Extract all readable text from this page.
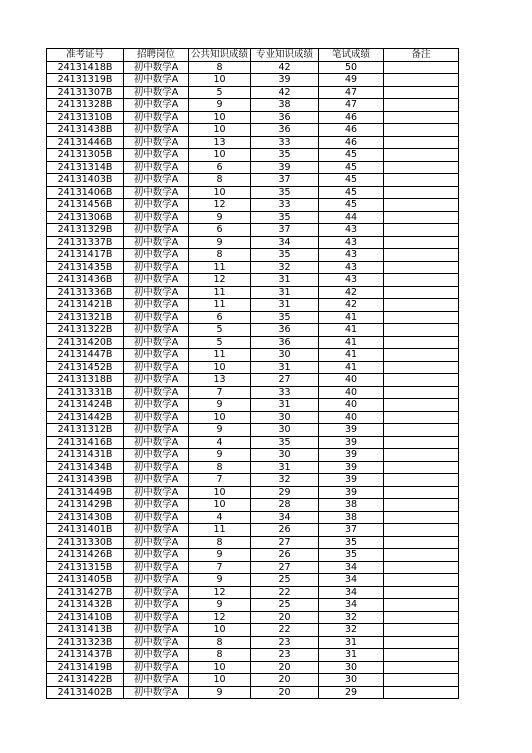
准考证号	招聘岗位	公共知识成绩	专业知识成绩	笔试成绩	备注
24131418B	初中数学A	8	42	50	
24131319B	初中数学A	10	39	49	
24131307B	初中数学A	5	42	47	
24131328B	初中数学A	9	38	47	
24131310B	初中数学A	10	36	46	
24131438B	初中数学A	10	36	46	
24131446B	初中数学A	13	33	46	
24131305B	初中数学A	10	35	45	
24131314B	初中数学A	6	39	45	
24131403B	初中数学A	8	37	45	
24131406B	初中数学A	10	35	45	
24131456B	初中数学A	12	33	45	
24131306B	初中数学A	9	35	44	
24131329B	初中数学A	6	37	43	
24131337B	初中数学A	9	34	43	
24131417B	初中数学A	8	35	43	
24131435B	初中数学A	11	32	43	
24131436B	初中数学A	12	31	43	
24131336B	初中数学A	11	31	42	
24131421B	初中数学A	11	31	42	
24131321B	初中数学A	6	35	41	
24131322B	初中数学A	5	36	41	
24131420B	初中数学A	5	36	41	
24131447B	初中数学A	11	30	41	
24131452B	初中数学A	10	31	41	
24131318B	初中数学A	13	27	40	
24131331B	初中数学A	7	33	40	
24131424B	初中数学A	9	31	40	
24131442B	初中数学A	10	30	40	
24131312B	初中数学A	9	30	39	
24131416B	初中数学A	4	35	39	
24131431B	初中数学A	9	30	39	
24131434B	初中数学A	8	31	39	
24131439B	初中数学A	7	32	39	
24131449B	初中数学A	10	29	39	
24131429B	初中数学A	10	28	38	
24131430B	初中数学A	4	34	38	
24131401B	初中数学A	11	26	37	
24131330B	初中数学A	8	27	35	
24131426B	初中数学A	9	26	35	
24131315B	初中数学A	7	27	34	
24131405B	初中数学A	9	25	34	
24131427B	初中数学A	12	22	34	
24131432B	初中数学A	9	25	34	
24131410B	初中数学A	12	20	32	
24131413B	初中数学A	10	22	32	
24131323B	初中数学A	8	23	31	
24131437B	初中数学A	8	23	31	
24131419B	初中数学A	10	20	30	
24131422B	初中数学A	10	20	30	
24131402B	初中数学A	9	20	29	
